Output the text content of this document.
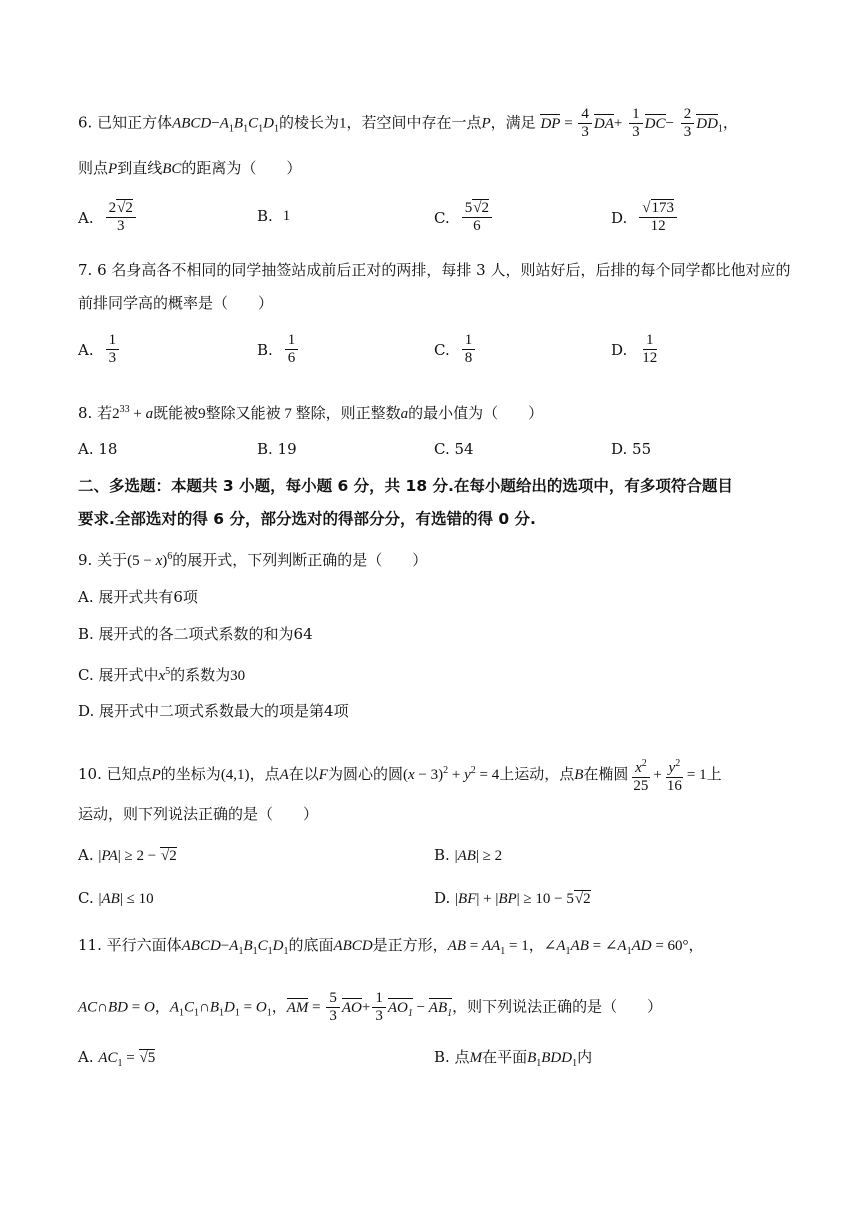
6. 已知正方体$ABCD-A_1B_1C_1D_1$的棱长为1，若空间中存在一点P，满足 DP = $\frac{4}{3} DA+ \frac{1}{3} DC- \frac{2}{3} DD_1$，
则点P到直线BC的距离为（　　）
A. $\frac{2√2}{3}$	B. 1	C. $\frac{5√2}{6}$	D. $\frac{√173}{12}$
7. 6 名身高各不相同的同学抽签站成前后正对的两排，每排 3 人，则站好后，后排的每个同学都比他对应的
前排同学高的概率是（　　）
A. $\frac{1}{3}$	B. $\frac{1}{6}$	C. $\frac{1}{8}$	D. $\frac{1}{12}$
8. 若$2^{33} + a$既能被9整除又能被 7 整除，则正整数a的最小值为（　　）
A. 18	B. 19	C. 54	D. 55
二、多选题：本题共 3 小题，每小题 6 分，共 18 分.在每小题给出的选项中，有多项符合题目
要求.全部选对的得 6 分，部分选对的得部分分，有选错的得 0 分.
9. 关于$(5 - x)^6$的展开式，下列判断正确的是（　　）
A. 展开式共有6项
B. 展开式的各二项式系数的和为64
C. 展开式中$x^5$的系数为30
D. 展开式中二项式系数最大的项是第4项
10. 已知点P的坐标为(4,1)，点A在以F为圆心的圆$(x - 3)^2 + y^2 = 4$上运动，点B在椭圆 $\frac{x^2}{25} + \frac{y^2}{16} = 1$上
运动，则下列说法正确的是（　　）
A. |PA| ≥ 2 − √2	B. |AB| ≥ 2
C. |AB| ≤ 10	D. |BF| + |BP| ≥ 10 − 5√2
11. 平行六面体$ABCD-A_1B_1C_1D_1$的底面ABCD是正方形，AB = $AA_1 = 1$，$\angle A_1AB$ = $\angle A_1AD = 60^\circ$，
AC∩BD = O，$A_1C_1\cap B_1D_1 = O_1$，AM = $\frac{5}{3} AO+ \frac{1}{3} AO_1 - AB_1$，则下列说法正确的是（　　）
A. $AC_1 = √5$	B. 点M在平面$B_1BDD_1$内
